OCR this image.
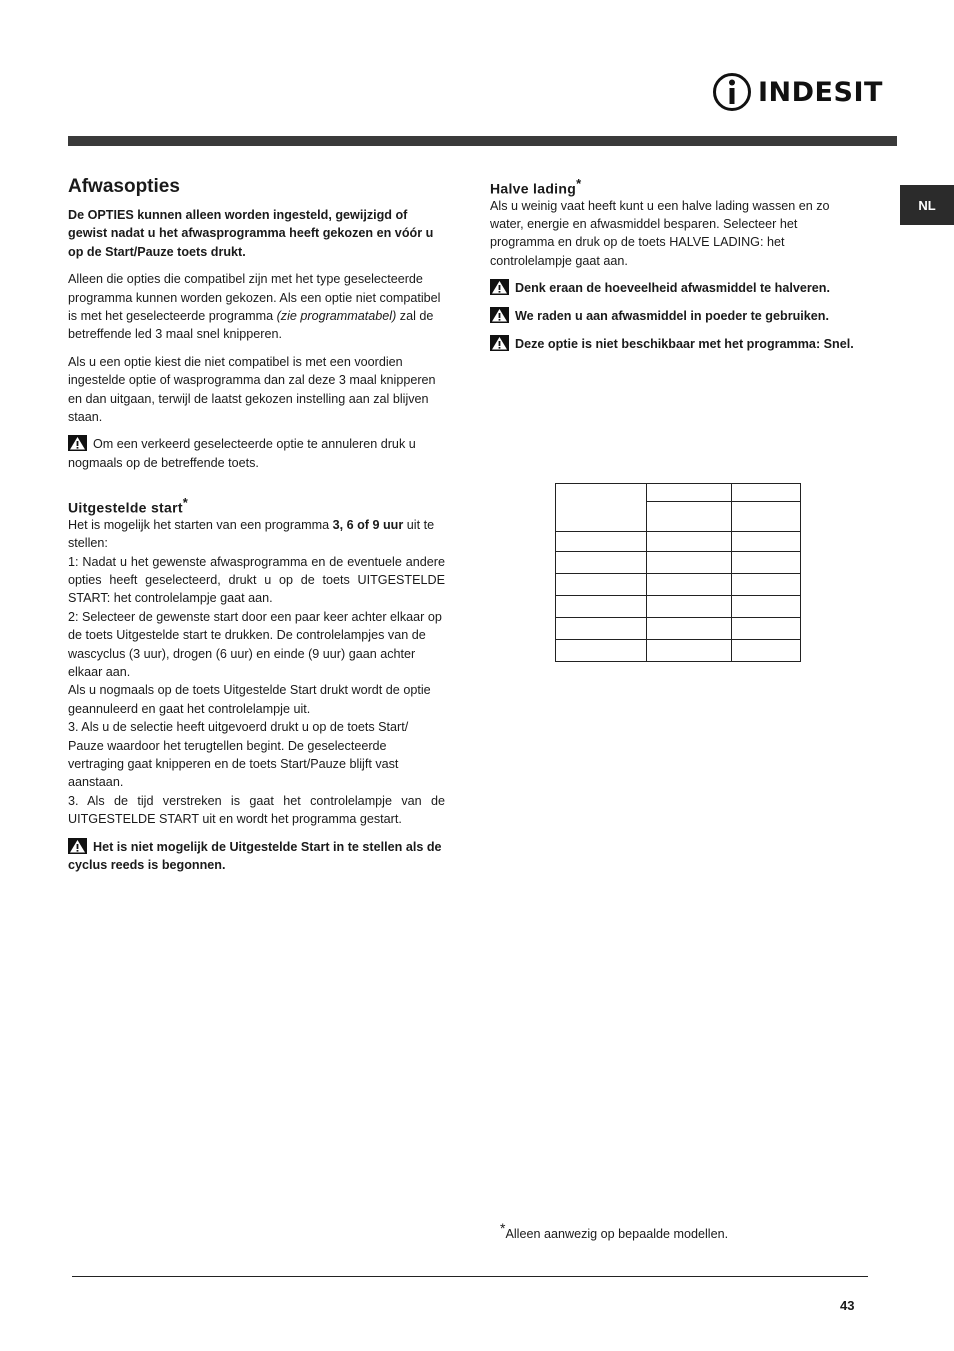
INDESIT
NL
Afwasopties

De OPTIES kunnen alleen worden ingesteld, gewijzigd of gewist nadat u het afwasprogramma heeft gekozen en vóór u op de Start/Pauze toets drukt.

Alleen die opties die compatibel zijn met het type geselecteerde programma kunnen worden gekozen. Als een optie niet compatibel is met het geselecteerde programma (zie programmatabel) zal de betreffende led 3 maal snel knipperen.

Als u een optie kiest die niet compatibel is met een voordien ingestelde optie of wasprogramma dan zal deze 3 maal knipperen en dan uitgaan, terwijl de laatst gekozen instelling aan zal blijven staan.

Om een verkeerd geselecteerde optie te annuleren druk u nogmaals op de betreffende toets.

Uitgestelde start*

Het is mogelijk het starten van een programma 3, 6 of 9 uur uit te stellen:

1: Nadat u het gewenste afwasprogramma en de eventuele andere opties heeft geselecteerd, drukt u op de toets UITGESTELDE START: het controlelampje gaat aan.

2: Selecteer de gewenste start door een paar keer achter elkaar op de toets Uitgestelde start te drukken. De controlelampjes van de wascyclus (3 uur), drogen (6 uur) en einde (9 uur) gaan achter elkaar aan.

Als u nogmaals op de toets Uitgestelde Start drukt wordt de optie geannuleerd en gaat het controlelampje uit.

3. Als u de selectie heeft uitgevoerd drukt u op de toets Start/ Pauze waardoor het terugtellen begint. De geselecteerde vertraging gaat knipperen en de toets Start/Pauze blijft vast aanstaan.

3. Als de tijd verstreken is gaat het controlelampje van de UITGESTELDE START uit en wordt het programma gestart.

Het is niet mogelijk de Uitgestelde Start in te stellen als de cyclus reeds is begonnen.

Halve lading*

Als u weinig vaat heeft kunt u een halve lading wassen en zo water, energie en afwasmiddel besparen. Selecteer het programma en druk op de toets HALVE LADING: het controlelampje gaat aan.

Denk eraan de hoeveelheid afwasmiddel te halveren.

We raden u aan afwasmiddel in poeder te gebruiken.

Deze optie is niet beschikbaar met het programma: Snel.

*Alleen aanwezig op bepaalde modellen.
43
